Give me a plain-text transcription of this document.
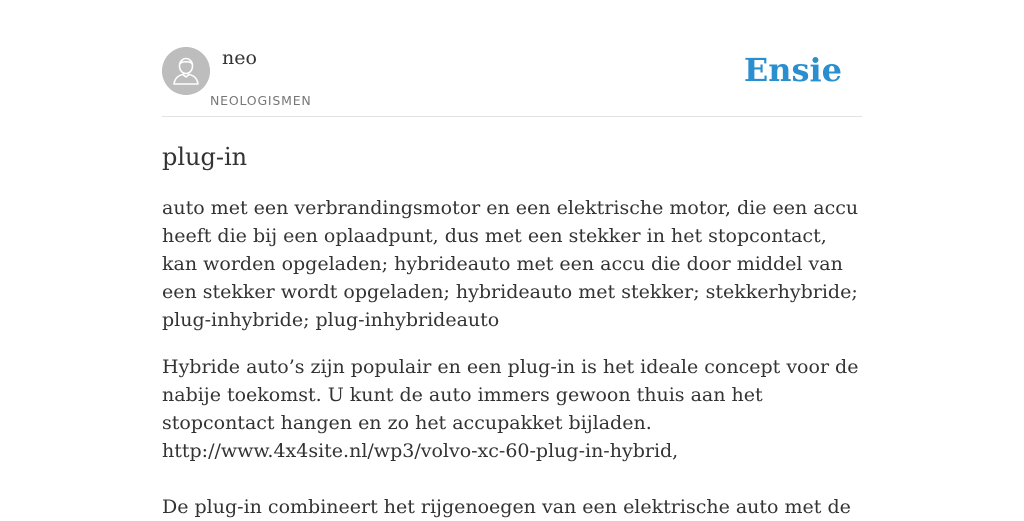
neo
NEOLOGISMEN
Ensie
plug-in

auto met een verbrandingsmotor en een elektrische motor, die een accu heeft die bij een oplaadpunt, dus met een stekker in het stopcontact, kan worden opgeladen; hybrideauto met een accu die door middel van een stekker wordt opgeladen; hybrideauto met stekker; stekkerhybride; plug-inhybride; plug-inhybrideauto

Hybride auto’s zijn populair en een plug-in is het ideale concept voor de nabije toekomst. U kunt de auto immers gewoon thuis aan het stopcontact hangen en zo het accupakket bijladen.

http://www.4x4site.nl/wp3/volvo-xc-60-plug-in-hybrid,

De plug-in combineert het rijgenoegen van een elektrische auto met de
